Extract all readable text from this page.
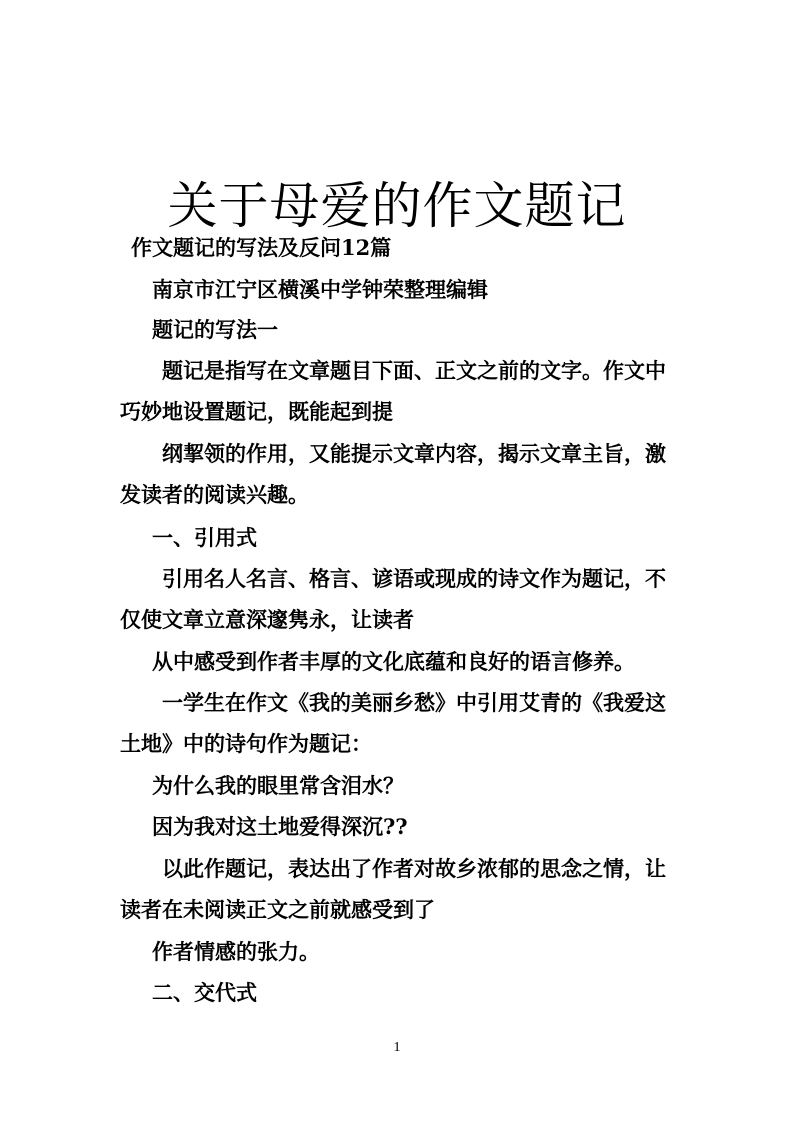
关于母爱的作文题记
作文题记的写法及反问12篇
南京市江宁区横溪中学钟荣整理编辑
题记的写法一
题记是指写在文章题目下面、正文之前的文字。作文中
巧妙地设置题记，既能起到提
纲挈领的作用，又能提示文章内容，揭示文章主旨，激
发读者的阅读兴趣。
一、引用式
引用名人名言、格言、谚语或现成的诗文作为题记，不
仅使文章立意深邃隽永，让读者
从中感受到作者丰厚的文化底蕴和良好的语言修养。
一学生在作文《我的美丽乡愁》中引用艾青的《我爱这
土地》中的诗句作为题记：
为什么我的眼里常含泪水？
因为我对这土地爱得深沉??
以此作题记，表达出了作者对故乡浓郁的思念之情，让
读者在未阅读正文之前就感受到了
作者情感的张力。
二、交代式
1
